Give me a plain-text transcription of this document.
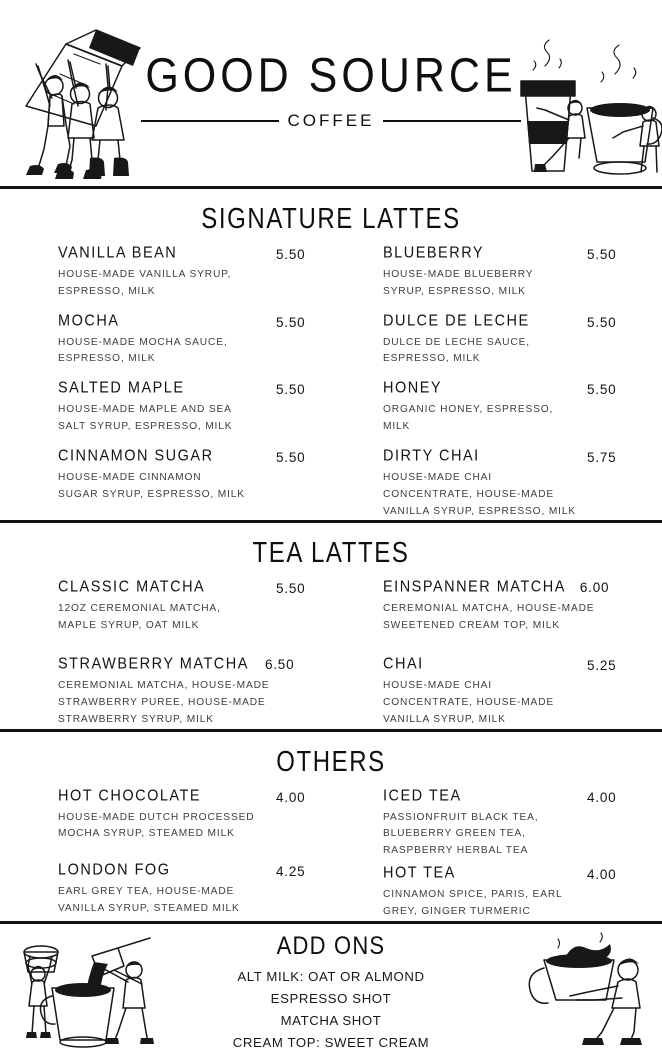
GOOD SOURCE
COFFEE
SIGNATURE LATTES
VANILLA BEAN	5.50
HOUSE-MADE VANILLA SYRUP,
ESPRESSO, MILK
MOCHA	5.50
HOUSE-MADE MOCHA SAUCE,
ESPRESSO, MILK
SALTED MAPLE	5.50
HOUSE-MADE MAPLE AND SEA
SALT SYRUP, ESPRESSO, MILK
CINNAMON SUGAR	5.50
HOUSE-MADE CINNAMON
SUGAR SYRUP, ESPRESSO, MILK
BLUEBERRY	5.50
HOUSE-MADE BLUEBERRY
SYRUP, ESPRESSO, MILK
DULCE DE LECHE	5.50
DULCE DE LECHE SAUCE,
ESPRESSO, MILK
HONEY	5.50
ORGANIC HONEY, ESPRESSO,
MILK
DIRTY CHAI	5.75
HOUSE-MADE CHAI
CONCENTRATE, HOUSE-MADE
VANILLA SYRUP, ESPRESSO, MILK
TEA LATTES
CLASSIC MATCHA	5.50
12OZ CEREMONIAL MATCHA,
MAPLE SYRUP, OAT MILK
STRAWBERRY MATCHA 6.50
CEREMONIAL MATCHA, HOUSE-MADE
STRAWBERRY PUREE, HOUSE-MADE
STRAWBERRY SYRUP, MILK
EINSPANNER MATCHA 6.00
CEREMONIAL MATCHA, HOUSE-MADE
SWEETENED CREAM TOP, MILK
CHAI	5.25
HOUSE-MADE CHAI
CONCENTRATE, HOUSE-MADE
VANILLA SYRUP, MILK
OTHERS
HOT CHOCOLATE	4.00
HOUSE-MADE DUTCH PROCESSED
MOCHA SYRUP, STEAMED MILK
LONDON FOG	4.25
EARL GREY TEA, HOUSE-MADE
VANILLA SYRUP, STEAMED MILK
ICED TEA	4.00
PASSIONFRUIT BLACK TEA,
BLUEBERRY GREEN TEA,
RASPBERRY HERBAL TEA
HOT TEA	4.00
CINNAMON SPICE, PARIS, EARL
GREY, GINGER TURMERIC
ADD ONS
ALT MILK: OAT OR ALMOND
ESPRESSO SHOT
MATCHA SHOT
CREAM TOP: SWEET CREAM
